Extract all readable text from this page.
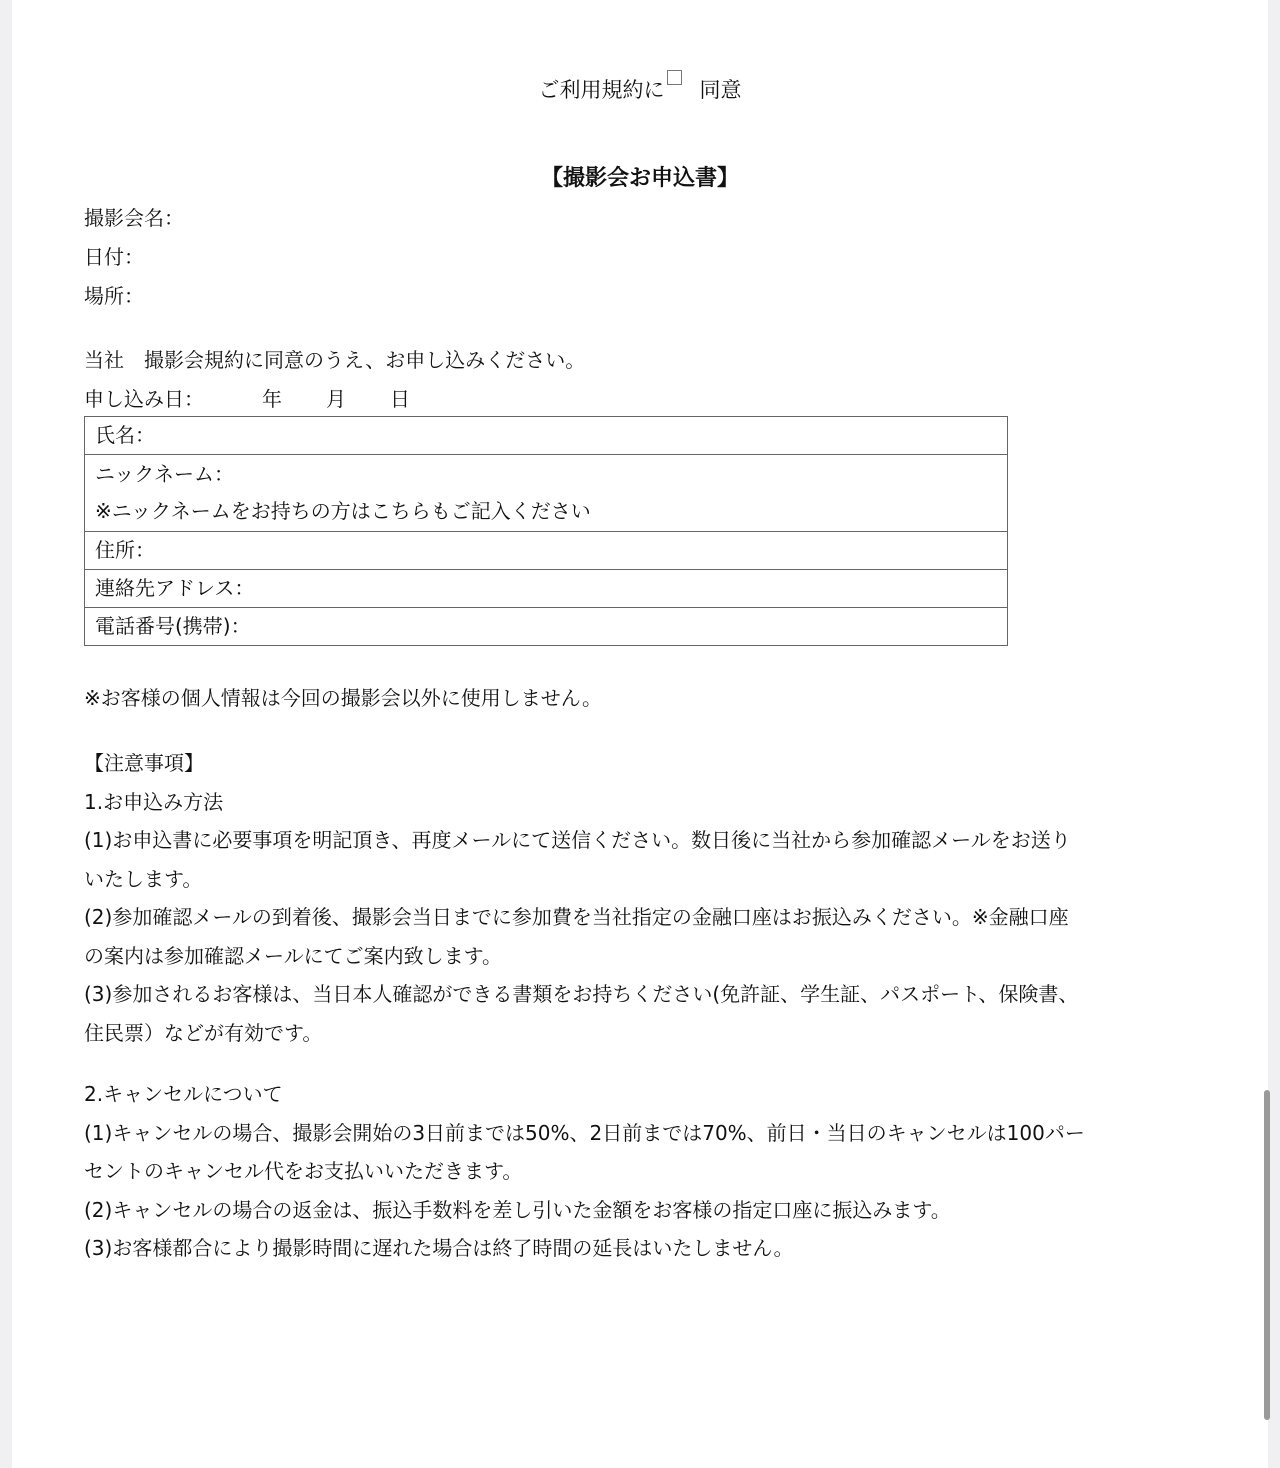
ご利用規約に 同意
【撮影会お申込書】
撮影会名：
日付：
場所：
当社　撮影会規約に同意のうえ、お申し込みください。
申し込み日：	年 月 日
氏名：

ニックネーム：
※ニックネームをお持ちの方はこちらもご記入ください

住所：
連絡先アドレス：
電話番号(携帯)：
※お客様の個人情報は今回の撮影会以外に使用しません。
【注意事項】
1.お申込み方法
(1)お申込書に必要事項を明記頂き、再度メールにて送信ください。数日後に当社から参加確認メールをお送り
いたします。
(2)参加確認メールの到着後、撮影会当日までに参加費を当社指定の金融口座はお振込みください。※金融口座
の案内は参加確認メールにてご案内致します。
(3)参加されるお客様は、当日本人確認ができる書類をお持ちください(免許証、学生証、パスポート、保険書、
住民票）などが有効です。
2.キャンセルについて
(1)キャンセルの場合、撮影会開始の3日前までは50%、2日前までは70%、前日・当日のキャンセルは100パー
セントのキャンセル代をお支払いいただきます。
(2)キャンセルの場合の返金は、振込手数料を差し引いた金額をお客様の指定口座に振込みます。
(3)お客様都合により撮影時間に遅れた場合は終了時間の延長はいたしません。
